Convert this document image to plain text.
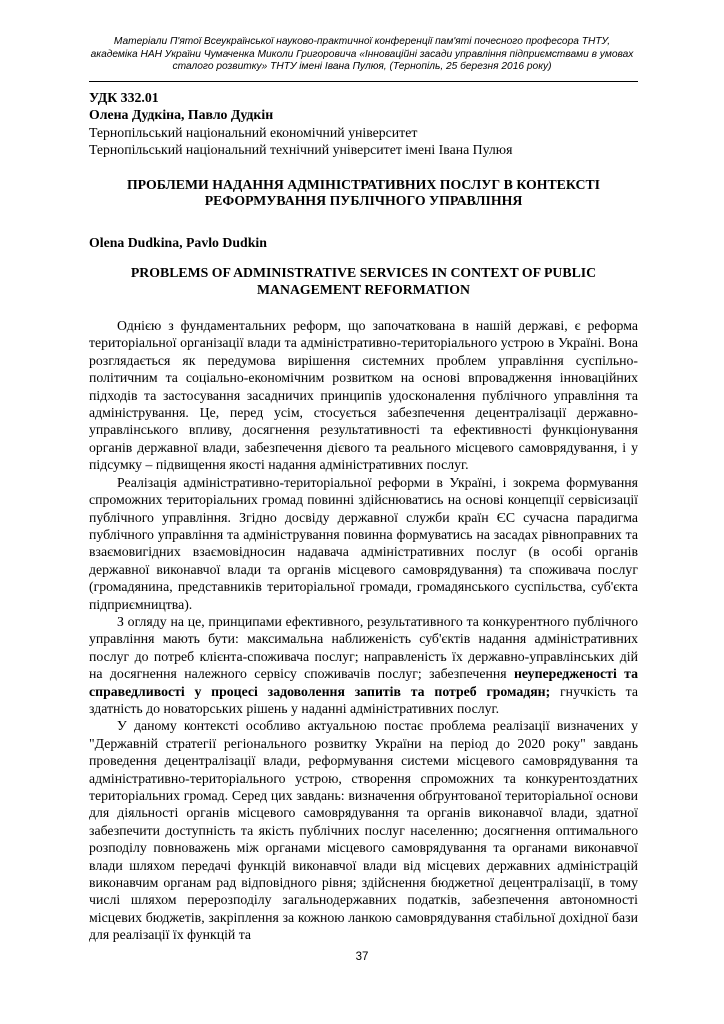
Матеріали П'ятої Всеукраїнської науково-практичної конференції пам'яті почесного професора ТНТУ,
академіка НАН України Чумаченка Миколи Григоровича «Інноваційні засади управління підприємствами в умовах
сталого розвитку» ТНТУ імені Івана Пулюя, (Тернопіль, 25 березня 2016 року)

УДК 332.01

Олена Дудкіна, Павло Дудкін

Тернопільський національний економічний університет

Тернопільський національний технічний університет імені Івана Пулюя

ПРОБЛЕМИ НАДАННЯ АДМІНІСТРАТИВНИХ ПОСЛУГ В КОНТЕКСТІ РЕФОРМУВАННЯ ПУБЛІЧНОГО УПРАВЛІННЯ

Olena Dudkina, Pavlo Dudkin

PROBLEMS OF ADMINISTRATIVE SERVICES IN CONTEXT OF PUBLIC MANAGEMENT REFORMATION

Однією з фундаментальних реформ, що започаткована в нашій державі, є реформа територіальної організації влади та адміністративно-територіального устрою в Україні. Вона розглядається як передумова вирішення системних проблем управління суспільно-політичним та соціально-економічним розвитком на основі впровадження інноваційних підходів та застосування засадничих принципів удосконалення публічного управління та адміністрування. Це, перед усім, стосується забезпечення децентралізації державно-управлінського впливу, досягнення результативності та ефективності функціонування органів державної влади, забезпечення дієвого та реального місцевого самоврядування, і у підсумку – підвищення якості надання адміністративних послуг.

Реалізація адміністративно-територіальної реформи в Україні, і зокрема формування спроможних територіальних громад повинні здійснюватись на основі концепції сервісизації публічного управління. Згідно досвіду державної служби країн ЄС сучасна парадигма публічного управління та адміністрування повинна формуватись на засадах рівноправних та взаємовигідних взаємовідносин надавача адміністративних послуг (в особі органів державної виконавчої влади та органів місцевого самоврядування) та споживача послуг (громадянина, представників територіальної громади, громадянського суспільства, суб'єкта підприємництва).

З огляду на це, принципами ефективного, результативного та конкурентного публічного управління мають бути: максимальна наближеність суб'єктів надання адміністративних послуг до потреб клієнта-споживача послуг; направленість їх державно-управлінських дій на досягнення належного сервісу споживачів послуг; забезпечення неупередженості та справедливості у процесі задоволення запитів та потреб громадян; гнучкість та здатність до новаторських рішень у наданні адміністративних послуг.

У даному контексті особливо актуальною постає проблема реалізації визначених у "Державній стратегії регіонального розвитку України на період до 2020 року" завдань проведення децентралізації влади, реформування системи місцевого самоврядування та адміністративно-територіального устрою, створення спроможних та конкурентоздатних територіальних громад. Серед цих завдань: визначення обґрунтованої територіальної основи для діяльності органів місцевого самоврядування та органів виконавчої влади, здатної забезпечити доступність та якість публічних послуг населенню; досягнення оптимального розподілу повноважень між органами місцевого самоврядування та органами виконавчої влади шляхом передачі функцій виконавчої влади від місцевих державних адміністрацій виконавчим органам рад відповідного рівня; здійснення бюджетної децентралізації, в тому числі шляхом перерозподілу загальнодержавних податків, забезпечення автономності місцевих бюджетів, закріплення за кожною ланкою самоврядування стабільної дохідної бази для реалізації їх функцій та

37
